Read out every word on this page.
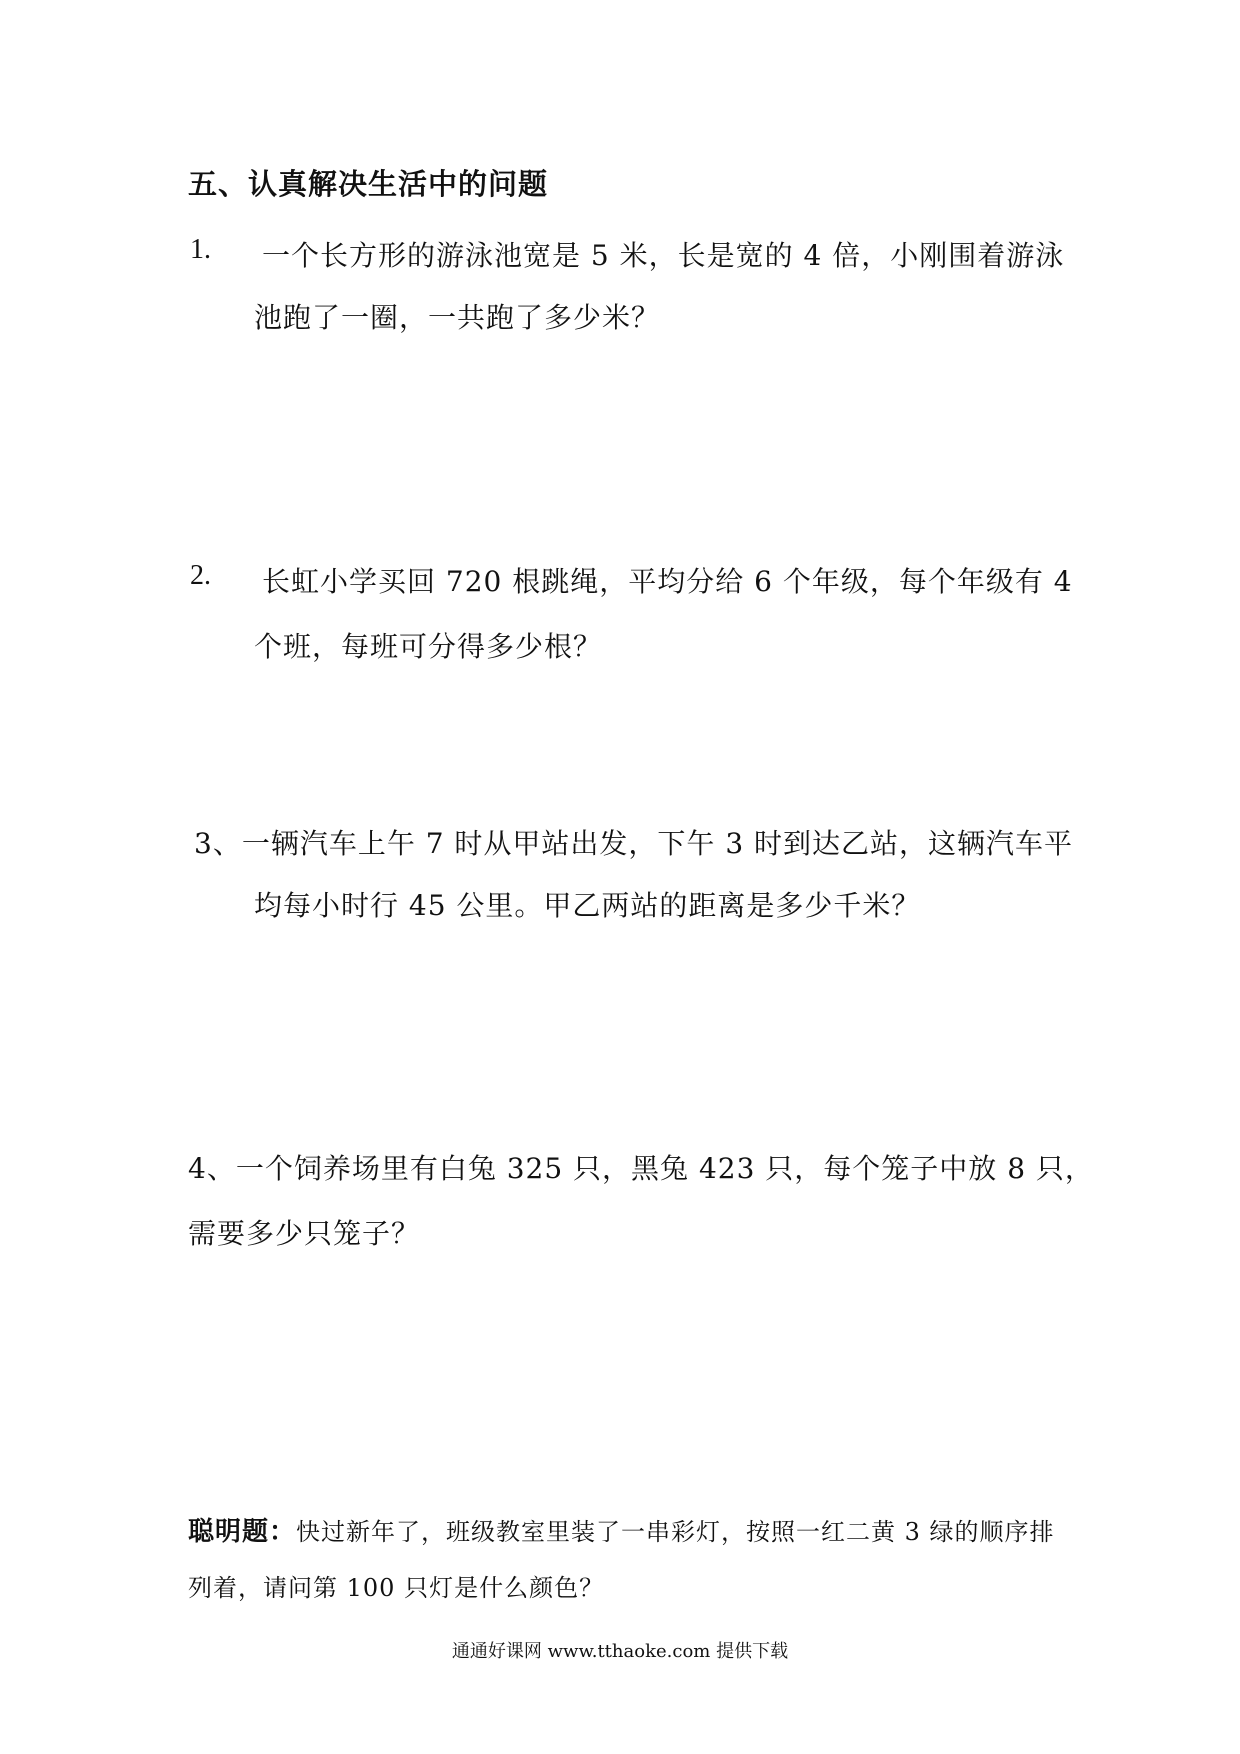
五、认真解决生活中的问题
1. 一个长方形的游泳池宽是 5 米，长是宽的 4 倍，小刚围着游泳
池跑了一圈，一共跑了多少米？
2. 长虹小学买回 720 根跳绳，平均分给 6 个年级，每个年级有 4
个班，每班可分得多少根？
3、一辆汽车上午 7 时从甲站出发，下午 3 时到达乙站，这辆汽车平
均每小时行 45 公里。甲乙两站的距离是多少千米？
4、一个饲养场里有白兔 325 只，黑兔 423 只，每个笼子中放 8 只，
需要多少只笼子？
聪明题：快过新年了，班级教室里装了一串彩灯，按照一红二黄 3 绿的顺序排
列着，请问第 100 只灯是什么颜色？
通通好课网 www.tthaoke.com 提供下载
